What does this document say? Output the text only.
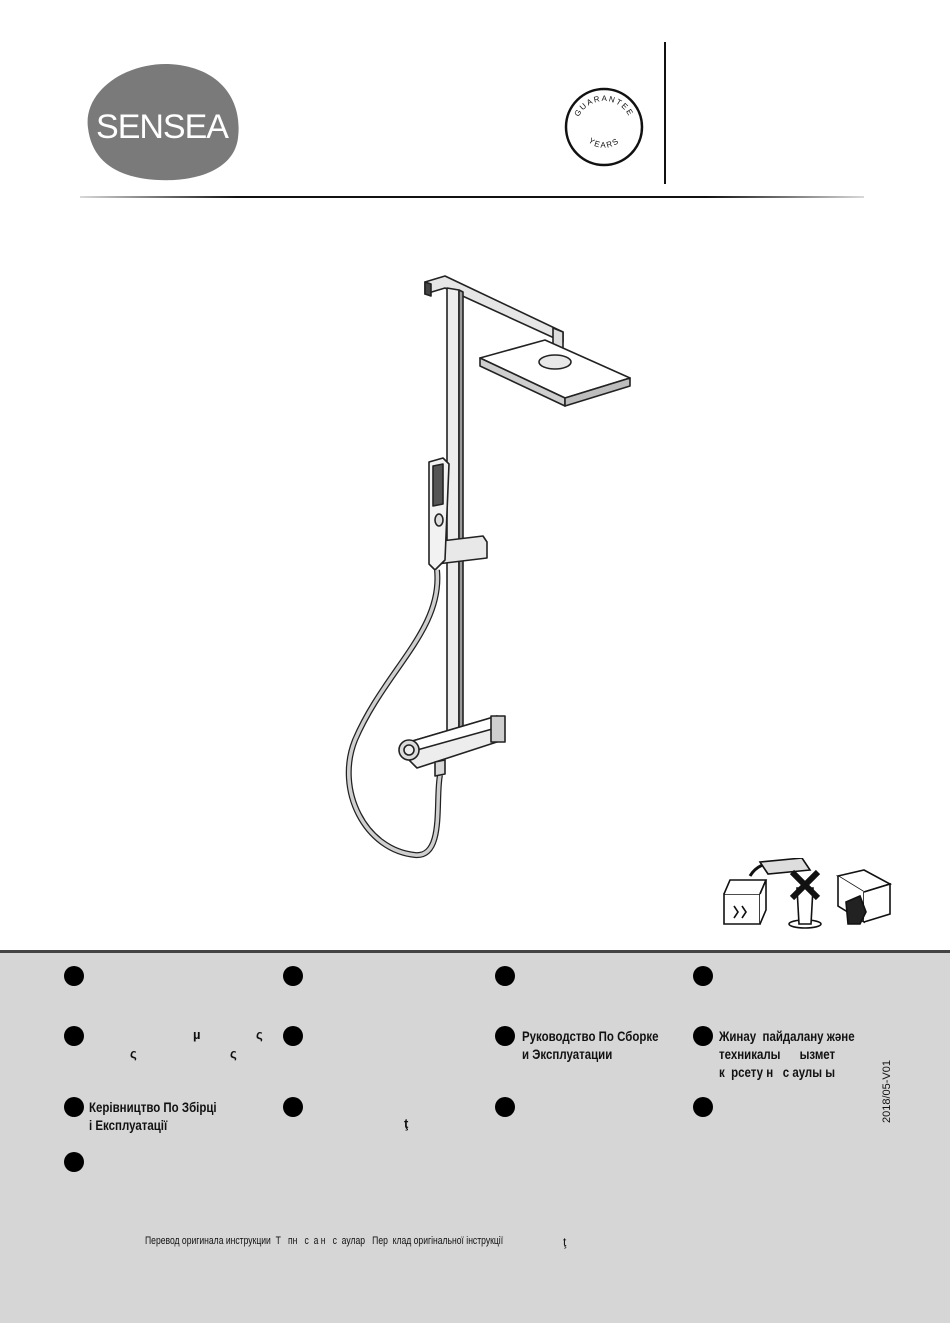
SENSEA	GUARANTEE
YEARS
µ	ς
ς	ς
Руководство По Сборке
и Эксплуатации
Жинау  пайдалану және
техникалы      ызмет
к  рсету н   с аулы ы
Керівництво По Збірці
і Експлуатації	ţ
2018/05-V01
Перевод оригинала инструкции  Т   пн   с  а н   с  аулар   Пер  клад оригінальної інструкції	ţ
